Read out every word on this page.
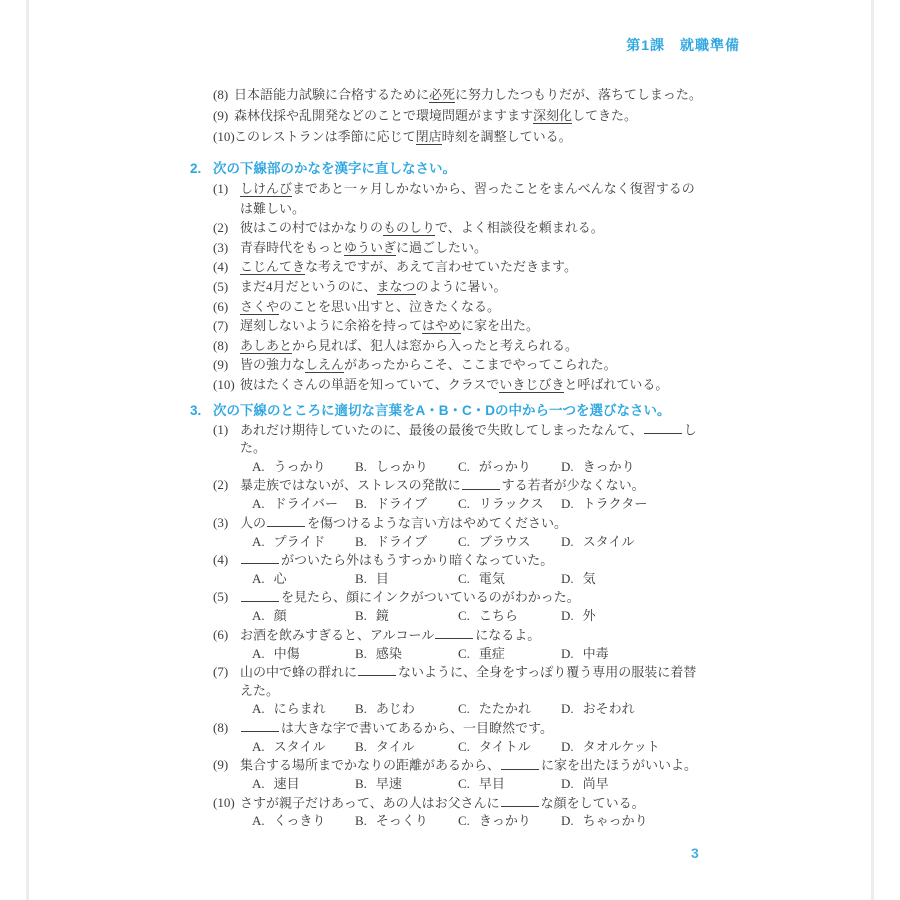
第1課　就職準備
(8) 日本語能力試験に合格するために必死に努力したつもりだが、落ちてしまった。
(9) 森林伐採や乱開発などのことで環境問題がますます深刻化してきた。
(10) このレストランは季節に応じて閉店時刻を調整している。
2. 次の下線部のかなを漢字に直しなさい。
(1) しけんびまであと一ヶ月しかないから、習ったことをまんべんなく復習するのは難しい。
(2) 彼はこの村ではかなりのものしりで、よく相談役を頼まれる。
(3) 青春時代をもっとゆういぎに過ごしたい。
(4) こじんてきな考えですが、あえて言わせていただきます。
(5) まだ4月だというのに、まなつのように暑い。
(6) さくやのことを思い出すと、泣きたくなる。
(7) 遅刻しないように余裕を持ってはやめに家を出た。
(8) あしあとから見れば、犯人は窓から入ったと考えられる。
(9) 皆の強力なしえんがあったからこそ、ここまでやってこられた。
(10) 彼はたくさんの単語を知っていて、クラスでいきじびきと呼ばれている。
3. 次の下線のところに適切な言葉をA・B・C・Dの中から一つを選びなさい。
(1) あれだけ期待していたのに、最後の最後で失敗してしまったなんて、	した。
A. うっかり B. しっかり C. がっかり D. きっかり
(2) 暴走族ではないが、ストレスの発散に	する若者が少なくない。
A. ドライバー B. ドライブ C. リラックス D. トラクター
(3) 人の	を傷つけるような言い方はやめてください。
A. プライド B. ドライブ C. ブラウス D. スタイル
(4)	がついたら外はもうすっかり暗くなっていた。
A. 心	B. 目	C. 電気	D. 気
(5)	を見たら、顔にインクがついているのがわかった。
A. 顔	B. 鏡	C. こちら	D. 外
(6) お酒を飲みすぎると、アルコール	になるよ。
A. 中傷	B. 感染	C. 重症	D. 中毒
(7) 山の中で蜂の群れに	ないように、全身をすっぽり覆う専用の服装に着替えた。
A. にらまれ B. あじわ	C. たたかれ D. おそわれ
(8)	は大きな字で書いてあるから、一目瞭然です。
A. スタイル B. タイル	C. タイトル D. タオルケット
(9) 集合する場所までかなりの距離があるから、	に家を出たほうがいいよ。
A. 速目	B. 早速	C. 早目	D. 尚早
(10) さすが親子だけあって、あの人はお父さんに	な顔をしている。
A. くっきり B. そっくり C. きっかり D. ちゃっかり
3
